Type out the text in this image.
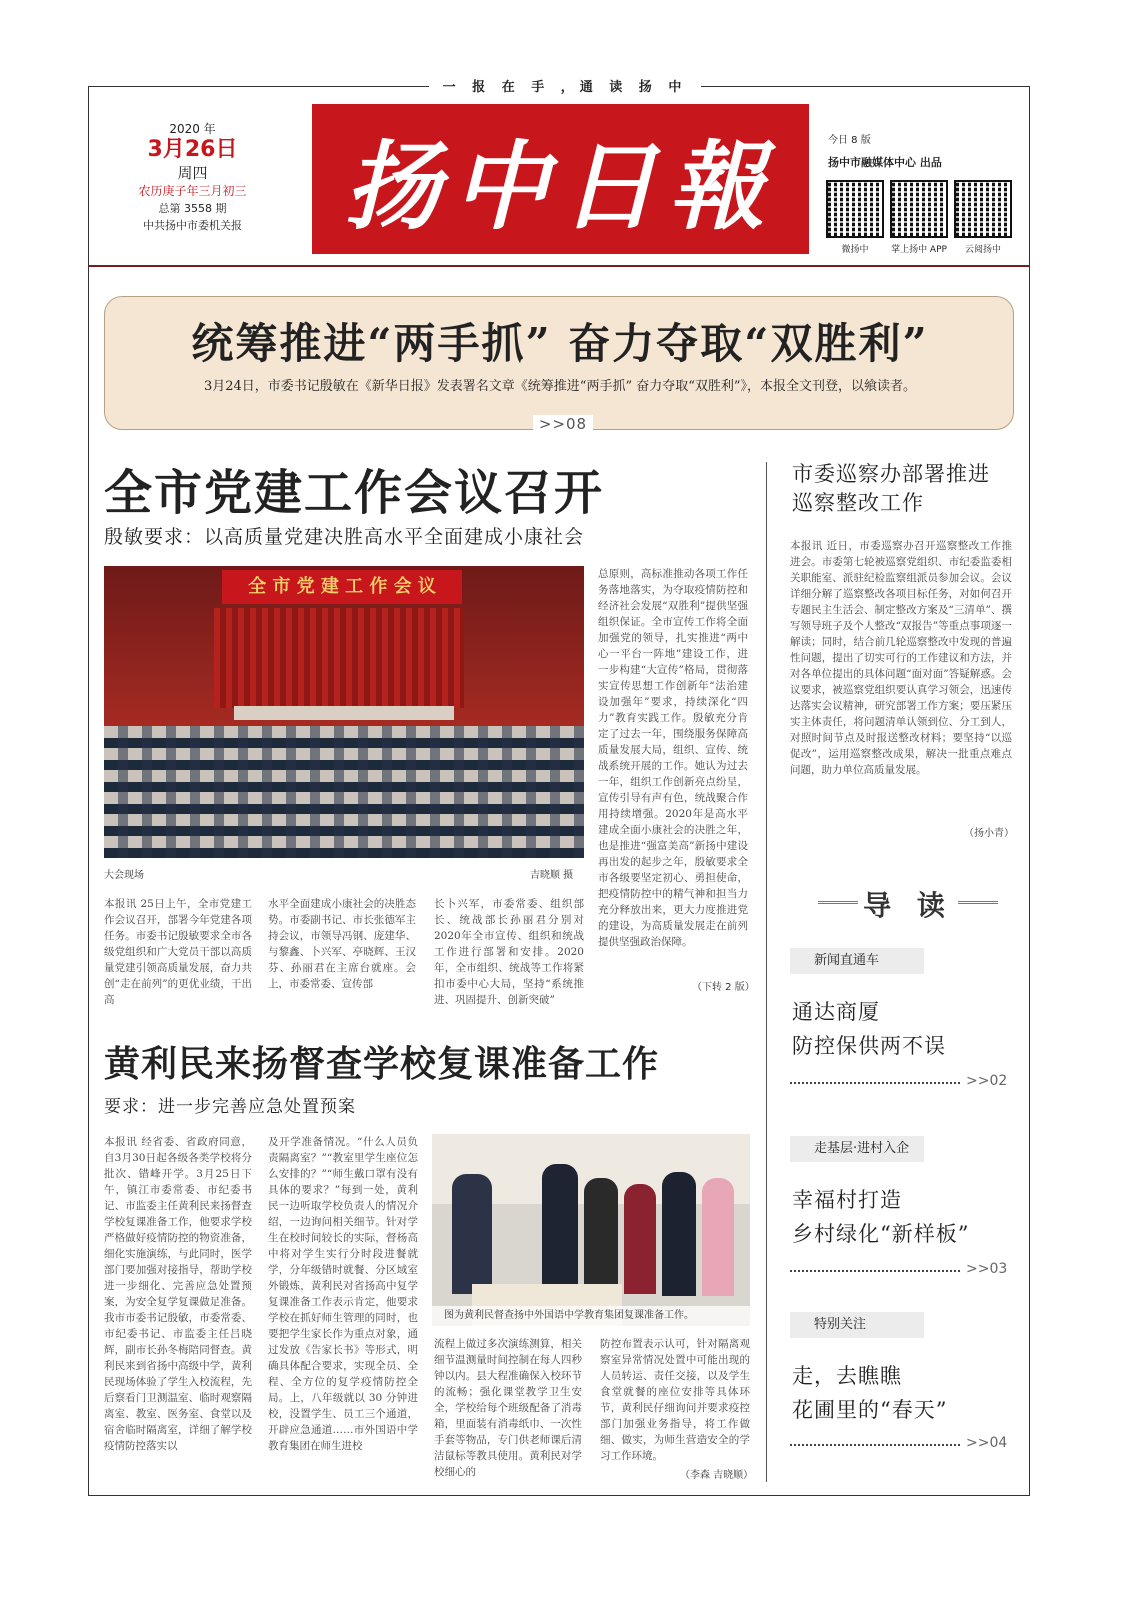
一 报 在 手 ，通 读 扬 中
2020 年
3月26日
周四
农历庚子年三月初三
总第 3558 期
中共扬中市委机关报 扬中日報	今日 8 版
扬中市融媒体中心 出品
微扬中	掌上扬中 APP	云阅扬中
统筹推进“两手抓” 奋力夺取“双胜利”

3月24日，市委书记殷敏在《新华日报》发表署名文章《统筹推进“两手抓” 奋力夺取“双胜利”》，本报全文刊登，以飨读者。

>>08
全市党建工作会议召开
殷敏要求：以高质量党建决胜高水平全面建成小康社会
全 市 党 建 工 作 会 议
大会现场	吉晓顺 摄
总原则，高标准推动各项工作任务落地落实，为夺取疫情防控和经济社会发展“双胜利”提供坚强组织保证。全市宣传工作将全面加强党的领导，扎实推进“两中心一平台一阵地”建设工作，进一步构建“大宣传”格局，贯彻落实宣传思想工作创新年“法治建设加强年”要求，持续深化“四力”教育实践工作。殷敏充分肯定了过去一年，围绕服务保障高质量发展大局，组织、宣传、统战系统开展的工作。她认为过去一年，组织工作创新亮点纷呈，宣传引导有声有色，统战聚合作用持续增强。2020年是高水平建成全面小康社会的决胜之年，也是推进“强富美高”新扬中建设再出发的起步之年，殷敏要求全市各级要坚定初心、勇担使命，把疫情防控中的精气神和担当力充分释放出来，更大力度推进党的建设，为高质量发展走在前列提供坚强政治保障。
（下转 2 版）
本报讯 25日上午，全市党建工作会议召开，部署今年党建各项任务。市委书记殷敏要求全市各级党组织和广大党员干部以高质量党建引领高质量发展，奋力共创“走在前列”的更优业绩，干出高
水平全面建成小康社会的决胜态势。市委副书记、市长张德军主持会议，市领导冯钢、庞建华、与黎鑫、卜兴军、亭晓辉、王汉芬、孙丽君在主席台就座。会上，市委常委、宣传部
长卜兴军，市委常委、组织部长、统战部长孙丽君分别对2020年全市宣传、组织和统战工作进行部署和安排。2020年，全市组织、统战等工作将紧扣市委中心大局，坚持“系统推进、巩固提升、创新突破”
市委巡察办部署推进巡察整改工作
本报讯 近日，市委巡察办召开巡察整改工作推进会。市委第七轮被巡察党组织、市纪委监委相关职能室、派驻纪检监察组派员参加会议。会议详细分解了巡察整改各项目标任务，对如何召开专题民主生活会、制定整改方案及“三清单”、撰写领导班子及个人整改“双报告”等重点事项逐一解读；同时，结合前几轮巡察整改中发现的普遍性问题，提出了切实可行的工作建议和方法，并对各单位提出的具体问题“面对面”答疑解惑。会议要求，被巡察党组织要认真学习领会，迅速传达落实会议精神，研究部署工作方案；要压紧压实主体责任，将问题清单认领到位、分工到人，对照时间节点及时报送整改材料；要坚持“以巡促改”，运用巡察整改成果，解决一批重点难点问题，助力单位高质量发展。
（扬小青）
导 读
新闻直通车
通达商厦
防控保供两不误
>>02
走基层·进村入企
幸福村打造
乡村绿化“新样板”
>>03
特别关注
走，去瞧瞧
花圃里的“春天”
>>04
黄利民来扬督查学校复课准备工作
要求：进一步完善应急处置预案
本报讯 经省委、省政府同意，自3月30日起各级各类学校将分批次、错峰开学。3月25日下午，镇江市委常委、市纪委书记、市监委主任黄利民来扬督查学校复课准备工作，他要求学校严格做好疫情防控的物资准备，细化实施演练，与此同时，医学部门要加强对接指导，帮助学校进一步细化、完善应急处置预案，为安全复学复课做足准备。我市市委书记殷敏，市委常委、市纪委书记、市监委主任吕晓辉，副市长孙冬梅陪同督查。黄利民来到省扬中高级中学，黄利民现场体验了学生入校流程，先后察看门卫测温室、临时观察隔离室、教室、医务室、食堂以及宿舍临时隔离室，详细了解学校疫情防控落实以
及开学准备情况。“什么人员负责隔离室？”“教室里学生座位怎么安排的？”“师生戴口罩有没有具体的要求？”每到一处，黄利民一边听取学校负责人的情况介绍，一边询问相关细节。针对学生在校时间较长的实际，督杨高中将对学生实行分时段进餐就学，分年级错时就餐、分区域室外锻炼，黄利民对省扬高中复学复课准备工作表示肯定，他要求学校在抓好师生管理的同时，也要把学生家长作为重点对象，通过发放《告家长书》等形式，明确具体配合要求，实现全员、全程、全方位的复学疫情防控全局。上，八年级就以 30 分钟进校，没置学生、员工三个通道，开辟应急通道……市外国语中学教育集团在师生进校
图为黄利民督查扬中外国语中学教育集团复课准备工作。
流程上做过多次演练测算，相关细节温测量时间控制在每人四秒钟以内。县大程准确保入校环节的流畅；强化课堂教学卫生安全，学校给每个班级配备了消毒箱，里面装有消毒纸巾、一次性手套等物品，专门供老师课后清洁鼠标等教具使用。黄利民对学校细心的
防控布置表示认可，针对隔离观察室异常情况处置中可能出现的人员转运、责任交接，以及学生食堂就餐的座位安排等具体环节，黄利民仔细询问并要求疫控部门加强业务指导，将工作做细、做实，为师生营造安全的学习工作环境。
（李森 吉晓顺）
